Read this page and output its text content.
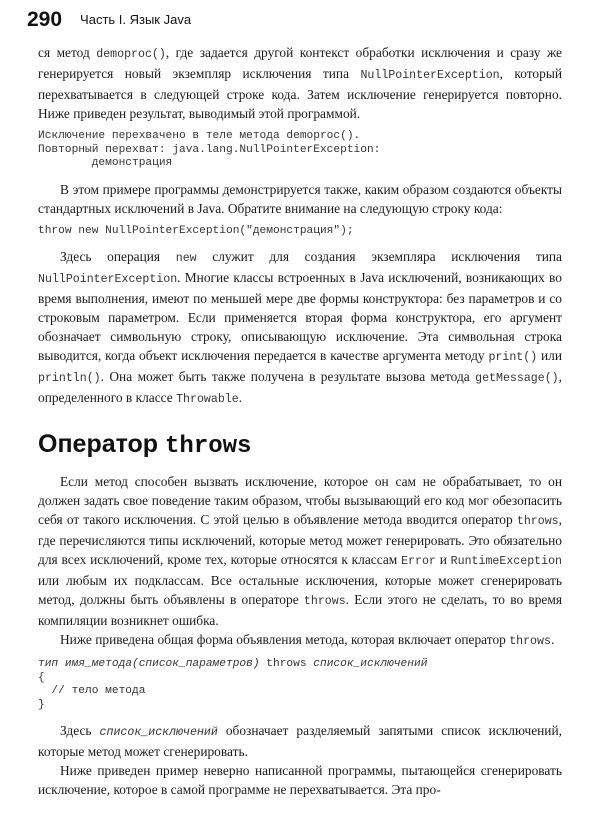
290 Часть I. Язык Java

ся метод demoproc(), где задается другой контекст обработки исключения и сразу же генерируется новый экземпляр исключения типа NullPointerException, который перехватывается в следующей строке кода. Затем исключение генерируется повторно. Ниже приведен результат, выводимый этой программой.

Исключение перехвачено в теле метода demoproc().
Повторный перехват: java.lang.NullPointerException:
демонстрация

В этом примере программы демонстрируется также, каким образом создаются объекты стандартных исключений в Java. Обратите внимание на следующую строку кода:

throw new NullPointerException("демонстрация");

Здесь операция new служит для создания экземпляра исключения типа NullPointerException. Многие классы встроенных в Java исключений, возникающих во время выполнения, имеют по меньшей мере две формы конструктора: без параметров и со строковым параметром. Если применяется вторая форма конструктора, его аргумент обозначает символьную строку, описывающую исключение. Эта символьная строка выводится, когда объект исключения передается в качестве аргумента методу print() или println(). Она может быть также получена в результате вызова метода getMessage(), определенного в классе Throwable.

Оператор throws

Если метод способен вызвать исключение, которое он сам не обрабатывает, то он должен задать свое поведение таким образом, чтобы вызывающий его код мог обезопасить себя от такого исключения. С этой целью в объявление метода вводится оператор throws, где перечисляются типы исключений, которые метод может генерировать. Это обязательно для всех исключений, кроме тех, которые относятся к классам Error и RuntimeException или любым их подклассам. Все остальные исключения, которые может сгенерировать метод, должны быть объявлены в операторе throws. Если этого не сделать, то во время компиляции возникнет ошибка.

Ниже приведена общая форма объявления метода, которая включает оператор throws.

тип имя_метода(список_параметров) throws список_исключений
{
// тело метода
}

Здесь список_исключений обозначает разделяемый запятыми список исключений, которые метод может сгенерировать.

Ниже приведен пример неверно написанной программы, пытающейся сгенерировать исключение, которое в самой программе не перехватывается. Эта про-
